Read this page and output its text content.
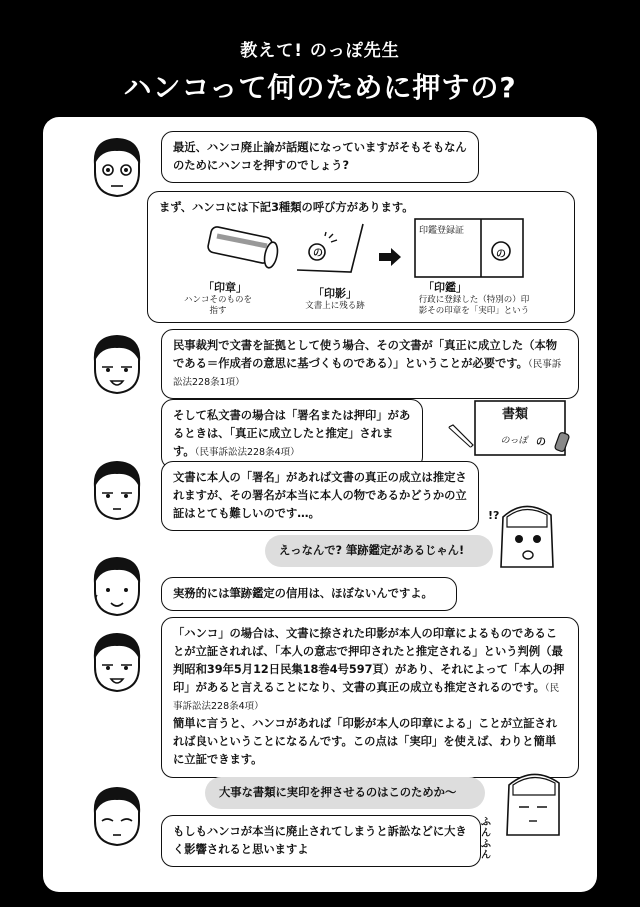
教えて! のっぽ先生
ハンコって何のために押すの?
最近、ハンコ廃止論が話題になっていますがそもそもなんのためにハンコを押すのでしょう?
まず、ハンコには下記3種類の呼び方があります。
の
印鑑登録証
の
「印章」
ハンコそのものを指す
「印影」
文書上に残る跡
「印鑑」
行政に登録した（特別の）印影その印章を「実印」という
民事裁判で文書を証拠として使う場合、その文書が「真正に成立した（本物である＝作成者の意思に基づくものである）」ということが必要です。（民事訴訟法228条1項）
そして私文書の場合は「署名または押印」があるときは、「真正に成立したと推定」されます。（民事訴訟法228条4項）
書類
のっぽ の
文書に本人の「署名」があれば文書の真正の成立は推定されますが、その署名が本当に本人の物であるかどうかの立証はとても難しいのです…。	!?
えっなんで? 筆跡鑑定があるじゃん!
実務的には筆跡鑑定の信用は、ほぼないんですよ。
「ハンコ」の場合は、文書に捺された印影が本人の印章によるものであることが立証されれば、「本人の意志で押印されたと推定される」という判例（最判昭和39年5月12日民集18巻4号597頁）があり、それによって「本人の押印」があると言えることになり、文書の真正の成立も推定されるのです。（民事訴訟法228条4項）
簡単に言うと、ハンコがあれば「印影が本人の印章による」ことが立証されれば良いということになるんです。この点は「実印」を使えば、わりと簡単に立証できます。
大事な書類に実印を押させるのはこのためか〜
ふんふん
もしもハンコが本当に廃止されてしまうと訴訟などに大きく影響されると思いますよ
